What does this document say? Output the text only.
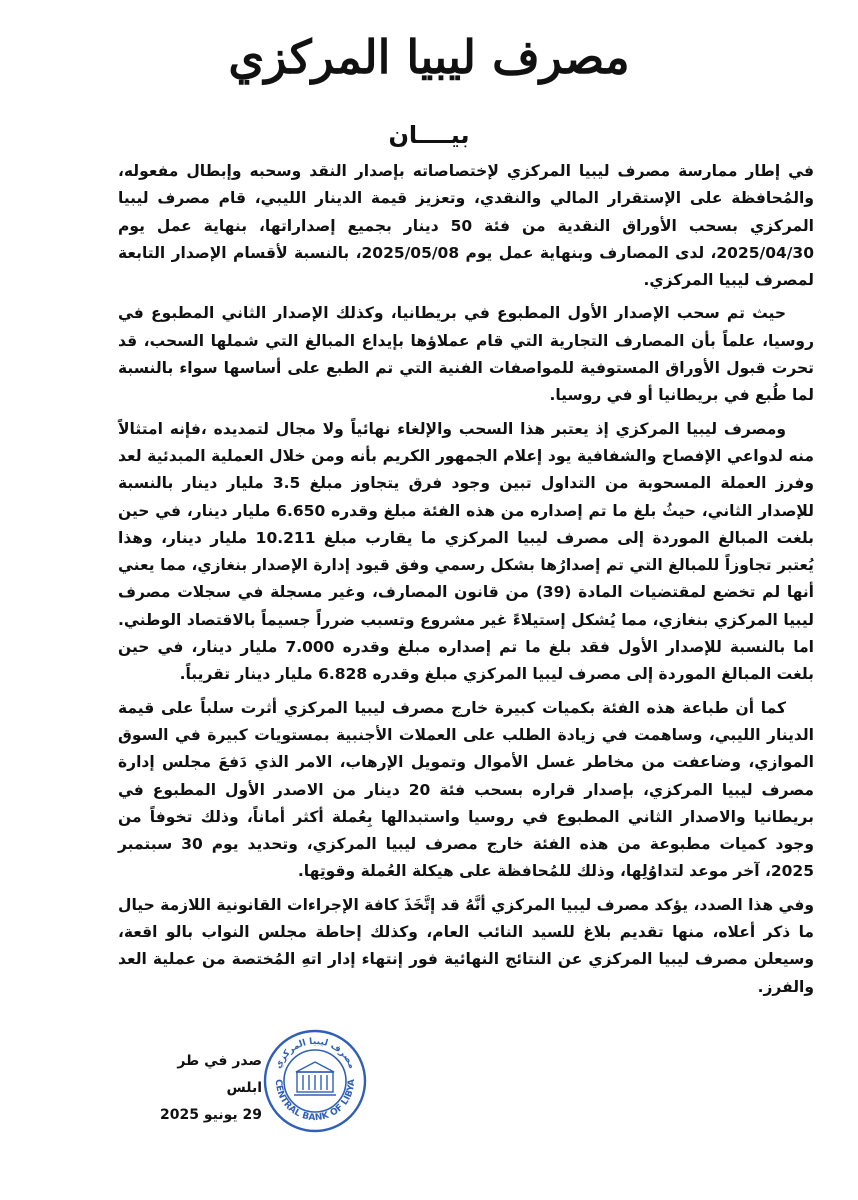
مصرف ليبيا المركزي
بيــــان

في إطار ممارسة مصرف ليبيا المركزي لإختصاصاته بإصدار النقد وسحبه وإبطال مفعوله، والمُحافظة على الإستقرار المالي والنقدي، وتعزيز قيمة الدينار الليبي، قام مصرف ليبيا المركزي بسحب الأوراق النقدية من فئة 50 دينار بجميع إصداراتها، بنهاية عمل يوم 2025/04/30، لدى المصارف وبنهاية عمل يوم 2025/05/08، بالنسبة لأقسام الإصدار التابعة لمصرف ليبيا المركزي.

حيث تم سحب الإصدار الأول المطبوع في بريطانيا، وكذلك الإصدار الثاني المطبوع في روسيا، علماً بأن المصارف التجارية التي قام عملاؤها بإيداع المبالغ التي شملها السحب، قد تحرت قبول الأوراق المستوفية للمواصفات الفنية التي تم الطبع على أساسها سواء بالنسبة لما طُبع في بريطانيا أو في روسيا.

ومصرف ليبيا المركزي إذ يعتبر هذا السحب والإلغاء نهائياً ولا مجال لتمديده ،فإنه امتثالاً منه لدواعي الإفصاح والشفافية يود إعلام الجمهور الكريم بأنه ومن خلال العملية المبدئية لعد وفرز العملة المسحوبة من التداول تبين وجود فرق يتجاوز مبلغ 3.5 مليار دينار بالنسبة للإصدار الثاني، حيثُ بلغ ما تم إصداره من هذه الفئة مبلغ وقدره 6.650 مليار دينار، في حين بلغت المبالغ الموردة إلى مصرف ليبيا المركزي ما يقارب مبلغ 10.211 مليار دينار، وهذا يُعتبر تجاوزاً للمبالغ التي تم إصدارُها بشكل رسمي وفق قيود إدارة الإصدار بنغازي، مما يعني أنها لم تخضع لمقتضيات المادة (39) من قانون المصارف، وغير مسجلة في سجلات مصرف ليبيا المركزي بنغازي، مما يُشكل إستيلاءً غير مشروع وتسبب ضرراً جسيماً بالاقتصاد الوطني. اما بالنسبة للإصدار الأول فقد بلغ ما تم إصداره مبلغ وقدره 7.000 مليار دينار، في حين بلغت المبالغ الموردة إلى مصرف ليبيا المركزي مبلغ وقدره 6.828 مليار دينار تقريباً.

كما أن طباعة هذه الفئة بكميات كبيرة خارج مصرف ليبيا المركزي أثرت سلباً على قيمة الدينار الليبي، وساهمت في زيادة الطلب على العملات الأجنبية بمستويات كبيرة في السوق الموازي، وضاعفت من مخاطر غسل الأموال وتمويل الإرهاب، الامر الذي دَفعَ مجلس إدارة مصرف ليبيا المركزي، بإصدار قراره بسحب فئة 20 دينار من الاصدر الأول المطبوع في بريطانيا والاصدار الثاني المطبوع في روسيا واستبدالها بِعُملة أكثر أماناً، وذلك تخوفاً من وجود كميات مطبوعة من هذه الفئة خارج مصرف ليبيا المركزي، وتحديد يوم 30 سبتمبر 2025، آخر موعد لتداوُلِها، وذلك للمُحافظة على هيكلة العُملة وقوتِها.

وفي هذا الصدد، يؤكد مصرف ليبيا المركزي أنَّهُ قد إتَّخَذَ كافة الإجراءات القانونية اللازمة حيال ما ذكر أعلاه، منها تقديم بلاغ للسيد النائب العام، وكذلك إحاطة مجلس النواب بالو اقعة، وسيعلن مصرف ليبيا المركزي عن النتائج النهائية فور إنتهاء إدار اتهِ المُختصة من عملية العد والفرز.

صدر في طر ابلس
29 يونيو 2025
CENTRAL BANK OF LIBYA
مصرف ليبيا المركزي
